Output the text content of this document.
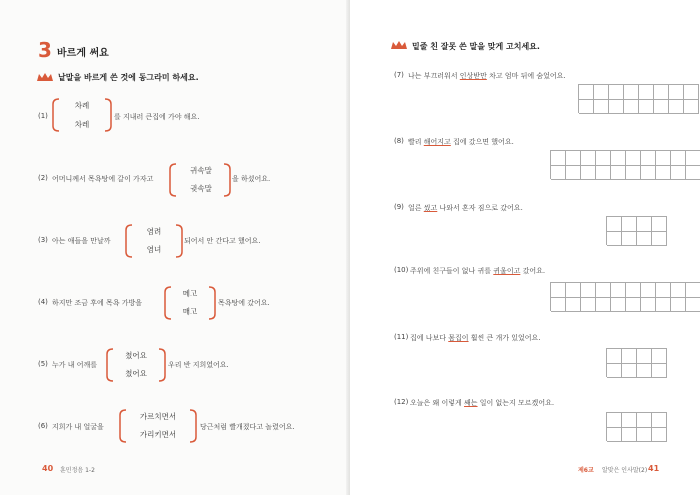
3 바르게 써요
낱말을 바르게 쓴 것에 동그라미 하세요.
(1)
차례
차레
를 지내러 큰집에 가야 해요.
(2) 어머니께서 목욕탕에 갈이 가자고
귀속말
귓속말
을 하셨어요.
(3) 아는 애들을 만날까
염려
염녀
되어서 안 간다고 했어요.
(4) 하지만 조금 후에 목욕 가방을
메고
매고
목욕탕에 갔어요.
(5) 누가 내 어깨를
쳤어요
쳤어요
우리 반 지희였어요.
(6) 지희가 내 얼굴을
가르치면서
가리키면서
당근처럼 빨개졌다고 놀렸어요.
40 훈민정음 1-2
밑줄 친 잘못 쓴 말을 맞게 고치세요.
(7) 나는 부끄러워서 인상받만 차고 엄마 뒤에 숨었어요.
(8) 빨리 해어지고 집에 갔으면 했어요.
(9) 얼른 씼고 나와서 혼자 짐으로 갔어요.
(10) 주위에 친구들이 없나 귀를 귀울이고 갔어요.
(11) 집에 나보다 몸집이 훨씬 큰 개가 있었어요.
(12) 오늘은 왜 이렇게 쌔는 일이 없는지 모르겠어요.
제6교 알맞은 인사말(2) 41
